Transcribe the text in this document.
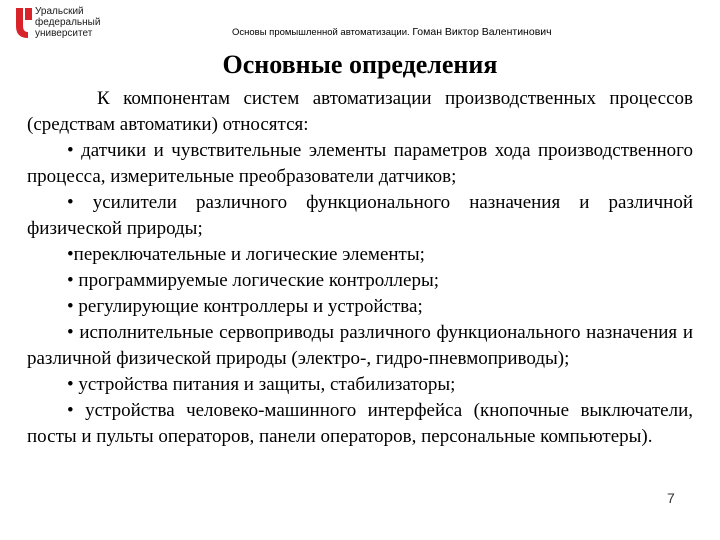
Уральский
федеральный
университет	Основы промышленной автоматизации. Гоман Виктор Валентинович
Основные определения

К компонентам систем автоматизации производственных процессов (средствам автоматики) относятся:

• датчики и чувствительные элементы параметров хода производственного процесса, измерительные преобразователи датчиков;

• усилители различного функционального назначения и различной физической природы;

•переключательные и логические элементы;

• программируемые логические контроллеры;

• регулирующие контроллеры и устройства;

• исполнительные сервоприводы различного функционального назначения и различной физической природы (электро-, гидро-пневмоприводы);

• устройства питания и защиты, стабилизаторы;

• устройства человеко-машинного интерфейса (кнопочные выключатели, посты и пульты операторов, панели операторов, персональные компьютеры).

7
